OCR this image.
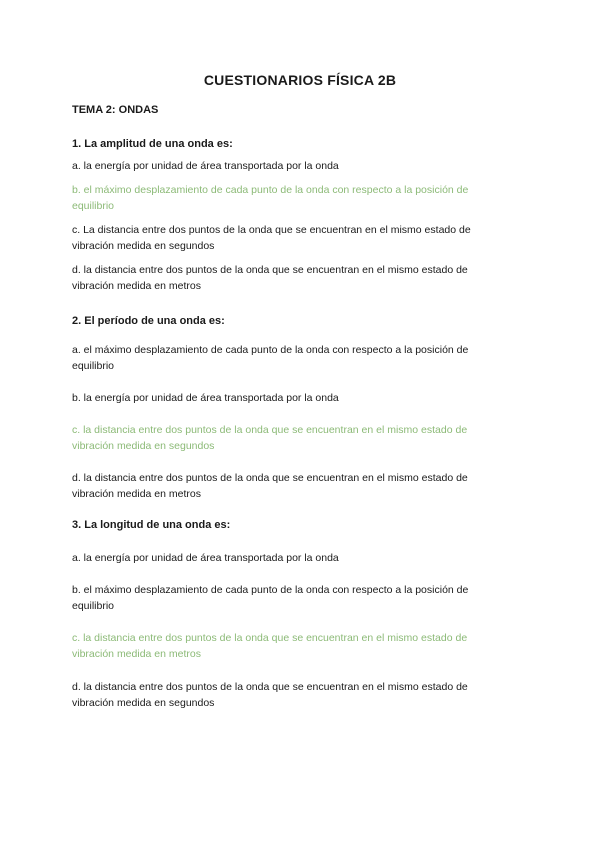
CUESTIONARIOS FÍSICA 2B
TEMA 2: ONDAS

1. La amplitud de una onda es:

a. la energía por unidad de área transportada por la onda

b. el máximo desplazamiento de cada punto de la onda con respecto a la posición de equilibrio

c. La distancia entre dos puntos de la onda que se encuentran en el mismo estado de vibración medida en segundos

d. la distancia entre dos puntos de la onda que se encuentran en el mismo estado de vibración medida en metros

2. El período de una onda es:

a. el máximo desplazamiento de cada punto de la onda con respecto a la posición de equilibrio

b. la energía por unidad de área transportada por la onda

c. la distancia entre dos puntos de la onda que se encuentran en el mismo estado de vibración medida en segundos

d. la distancia entre dos puntos de la onda que se encuentran en el mismo estado de vibración medida en metros

3. La longitud de una onda es:

a. la energía por unidad de área transportada por la onda

b. el máximo desplazamiento de cada punto de la onda con respecto a la posición de equilibrio

c. la distancia entre dos puntos de la onda que se encuentran en el mismo estado de vibración medida en metros

d. la distancia entre dos puntos de la onda que se encuentran en el mismo estado de vibración medida en segundos
